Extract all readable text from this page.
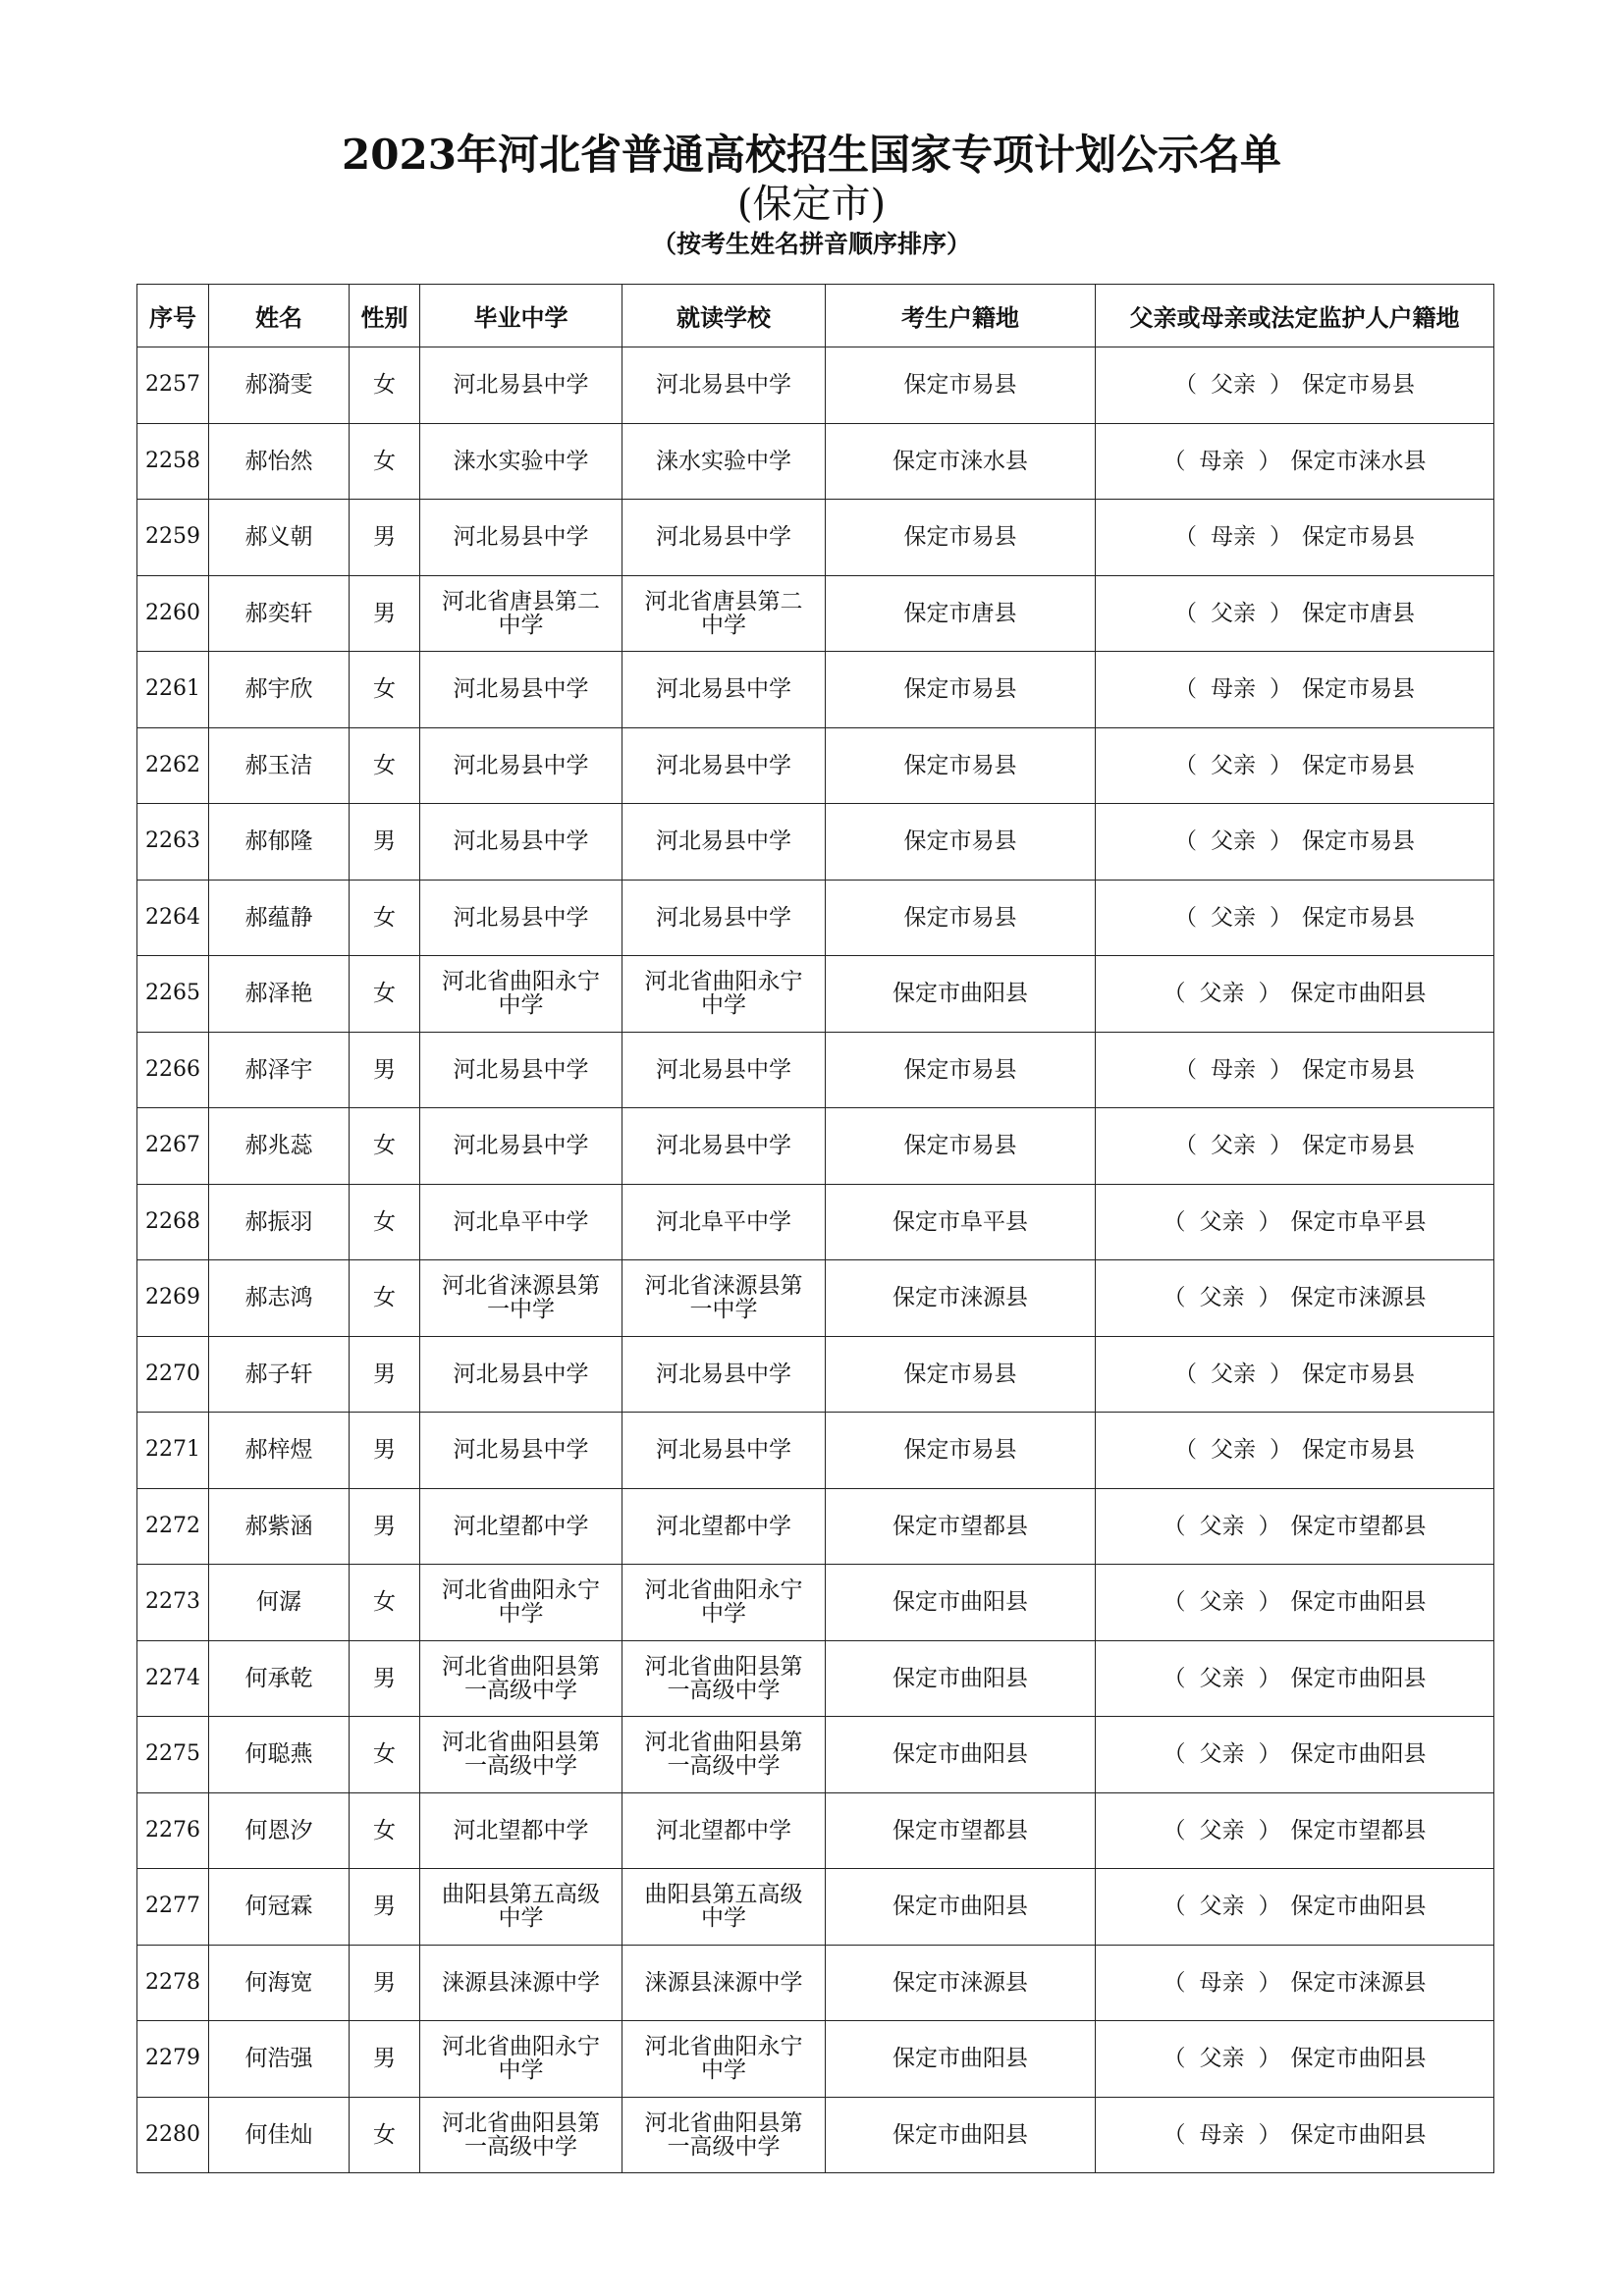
2023年河北省普通高校招生国家专项计划公示名单
(保定市)
（按考生姓名拼音顺序排序）
序号	姓名	性别	毕业中学	就读学校	考生户籍地	父亲或母亲或法定监护人户籍地
2257	郝漪雯	女	河北易县中学	河北易县中学	保定市易县	（ 父亲 ） 保定市易县
2258	郝怡然	女	涞水实验中学	涞水实验中学	保定市涞水县	（ 母亲 ） 保定市涞水县
2259	郝义朝	男	河北易县中学	河北易县中学	保定市易县	（ 母亲 ） 保定市易县
2260	郝奕轩	男	河北省唐县第二中学	河北省唐县第二中学	保定市唐县	（ 父亲 ） 保定市唐县
2261	郝宇欣	女	河北易县中学	河北易县中学	保定市易县	（ 母亲 ） 保定市易县
2262	郝玉洁	女	河北易县中学	河北易县中学	保定市易县	（ 父亲 ） 保定市易县
2263	郝郁隆	男	河北易县中学	河北易县中学	保定市易县	（ 父亲 ） 保定市易县
2264	郝蕴静	女	河北易县中学	河北易县中学	保定市易县	（ 父亲 ） 保定市易县
2265	郝泽艳	女	河北省曲阳永宁中学	河北省曲阳永宁中学	保定市曲阳县	（ 父亲 ） 保定市曲阳县
2266	郝泽宇	男	河北易县中学	河北易县中学	保定市易县	（ 母亲 ） 保定市易县
2267	郝兆蕊	女	河北易县中学	河北易县中学	保定市易县	（ 父亲 ） 保定市易县
2268	郝振羽	女	河北阜平中学	河北阜平中学	保定市阜平县	（ 父亲 ） 保定市阜平县
2269	郝志鸿	女	河北省涞源县第一中学	河北省涞源县第一中学	保定市涞源县	（ 父亲 ） 保定市涞源县
2270	郝子轩	男	河北易县中学	河北易县中学	保定市易县	（ 父亲 ） 保定市易县
2271	郝梓煜	男	河北易县中学	河北易县中学	保定市易县	（ 父亲 ） 保定市易县
2272	郝紫涵	男	河北望都中学	河北望都中学	保定市望都县	（ 父亲 ） 保定市望都县
2273	何潺	女	河北省曲阳永宁中学	河北省曲阳永宁中学	保定市曲阳县	（ 父亲 ） 保定市曲阳县
2274	何承乾	男	河北省曲阳县第一高级中学	河北省曲阳县第一高级中学	保定市曲阳县	（ 父亲 ） 保定市曲阳县
2275	何聪燕	女	河北省曲阳县第一高级中学	河北省曲阳县第一高级中学	保定市曲阳县	（ 父亲 ） 保定市曲阳县
2276	何恩汐	女	河北望都中学	河北望都中学	保定市望都县	（ 父亲 ） 保定市望都县
2277	何冠霖	男	曲阳县第五高级中学	曲阳县第五高级中学	保定市曲阳县	（ 父亲 ） 保定市曲阳县
2278	何海宽	男	涞源县涞源中学	涞源县涞源中学	保定市涞源县	（ 母亲 ） 保定市涞源县
2279	何浩强	男	河北省曲阳永宁中学	河北省曲阳永宁中学	保定市曲阳县	（ 父亲 ） 保定市曲阳县
2280	何佳灿	女	河北省曲阳县第一高级中学	河北省曲阳县第一高级中学	保定市曲阳县	（ 母亲 ） 保定市曲阳县
